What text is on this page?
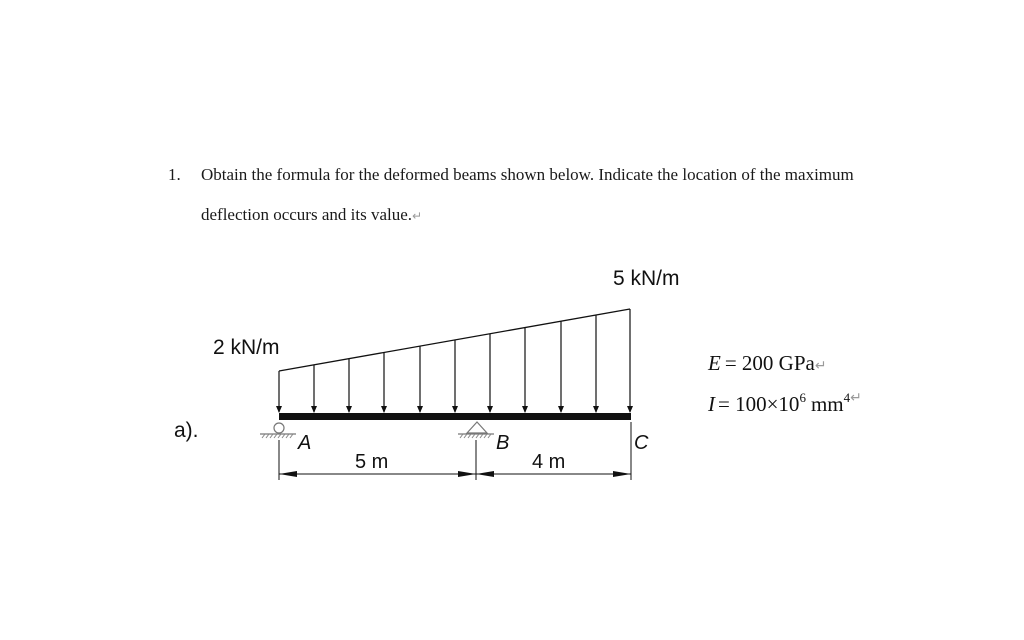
1. Obtain the formula for the deformed beams shown below. Indicate the location of the maximum
deflection occurs and its value.↵
2 kN/m
5 kN/m
a).
A	B	C
5 m	4 m
E = 200 GPa↵
$I = 100\times 10^6$ $mm^4↵$
